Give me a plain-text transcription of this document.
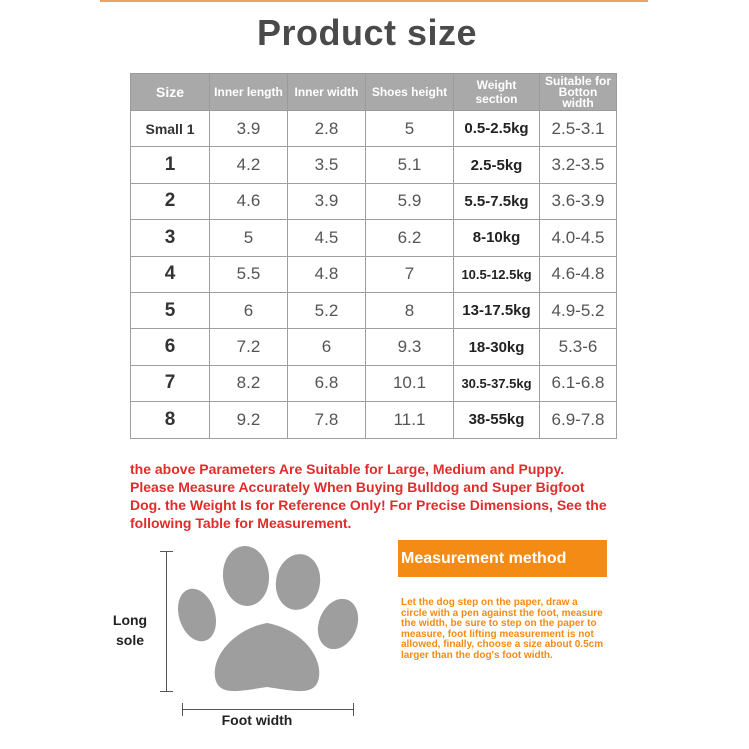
Product size
Size	Inner length	Inner width	Shoes height	Weight section	Suitable for Botton width
Small 1	3.9	2.8	5	0.5-2.5kg	2.5-3.1
1	4.2	3.5	5.1	2.5-5kg	3.2-3.5
2	4.6	3.9	5.9	5.5-7.5kg	3.6-3.9
3	5	4.5	6.2	8-10kg	4.0-4.5
4	5.5	4.8	7	10.5-12.5kg	4.6-4.8
5	6	5.2	8	13-17.5kg	4.9-5.2
6	7.2	6	9.3	18-30kg	5.3-6
7	8.2	6.8	10.1	30.5-37.5kg	6.1-6.8
8	9.2	7.8	11.1	38-55kg	6.9-7.8
the above Parameters Are Suitable for Large, Medium and Puppy. Please Measure Accurately When Buying Bulldog and Super Bigfoot Dog. the Weight Is for Reference Only! For Precise Dimensions, See the following Table for Measurement.
Long sole
Foot width
Measurement method
Let the dog step on the paper, draw a circle with a pen against the foot, measure the width, be sure to step on the paper to measure, foot lifting measurement is not allowed, finally, choose a size about 0.5cm larger than the dog's foot width.
